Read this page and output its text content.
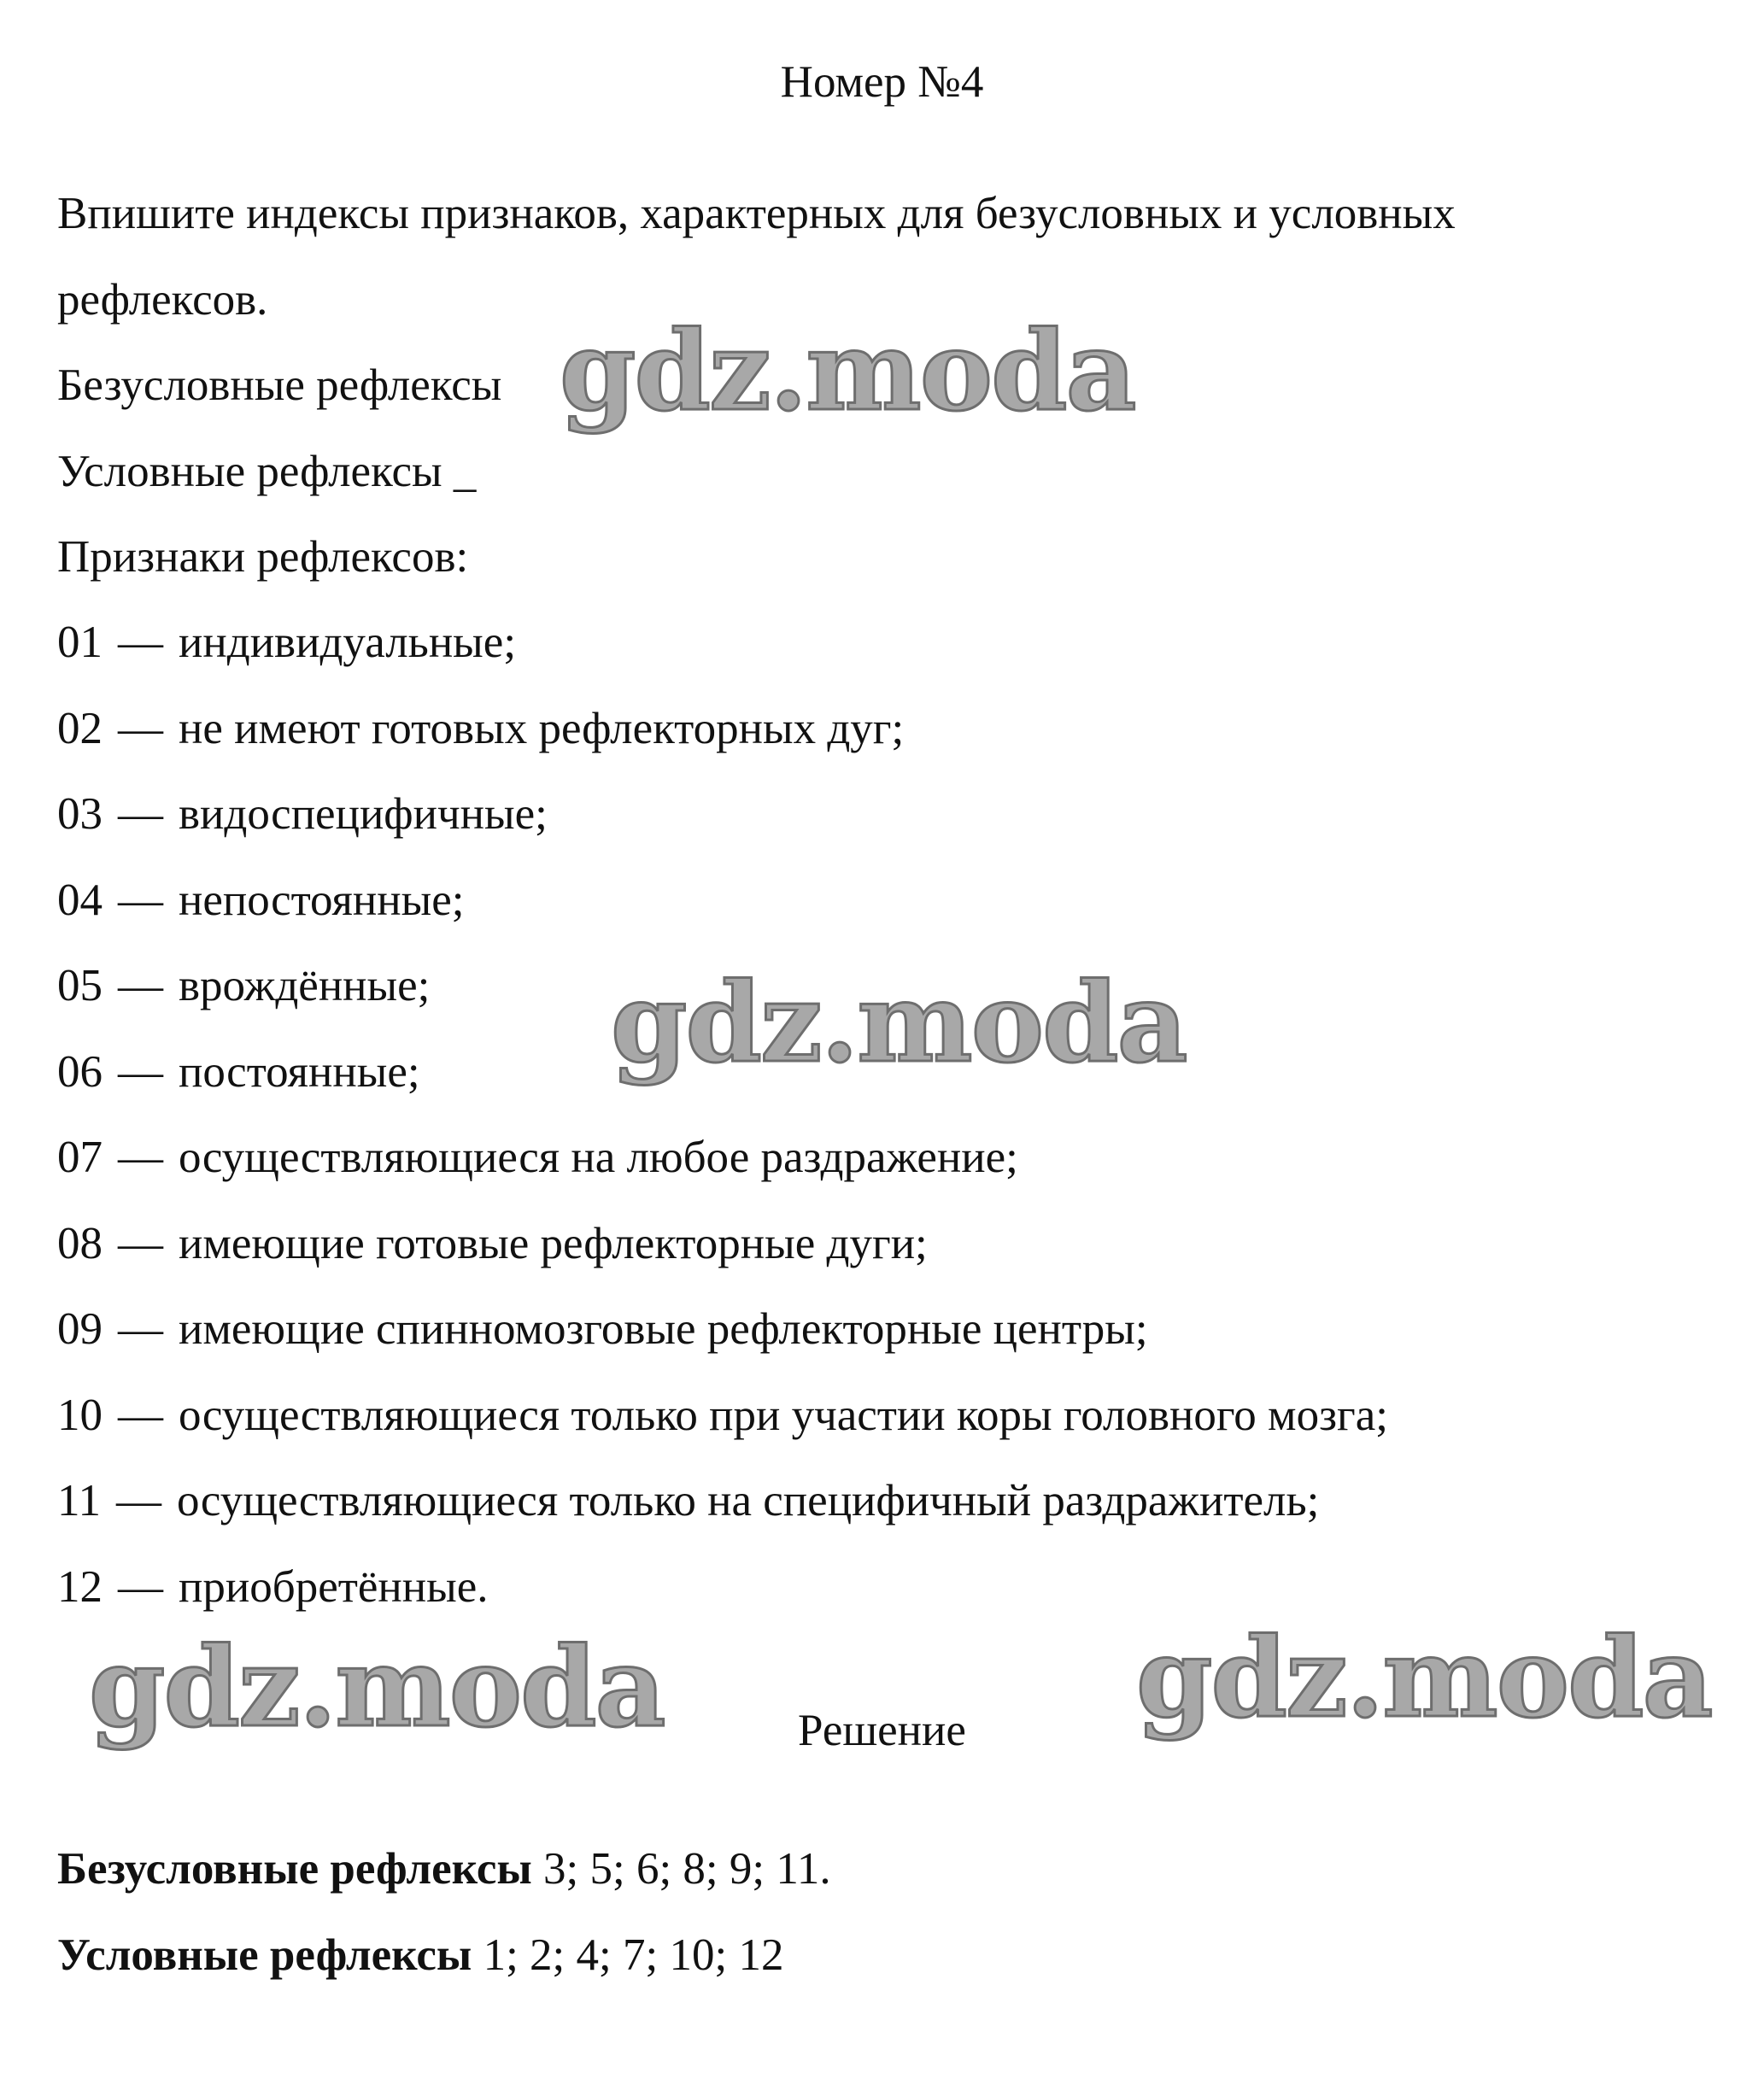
Номер №4
Впишите индексы признаков, характерных для безусловных и условных
рефлексов.
Безусловные рефлексы
Условные рефлексы _
Признаки рефлексов:
01 — индивидуальные;
02 — не имеют готовых рефлекторных дуг;
03 — видоспецифичные;
04 — непостоянные;
05 — врождённые;
06 — постоянные;
07 — осуществляющиеся на любое раздражение;
08 — имеющие готовые рефлекторные дуги;
09 — имеющие спинномозговые рефлекторные центры;
10 — осуществляющиеся только при участии коры головного мозга;
11 — осуществляющиеся только на специфичный раздражитель;
12 — приобретённые.
Решение
Безусловные рефлексы 3; 5; 6; 8; 9; 11.
Условные рефлексы 1; 2; 4; 7; 10; 12
gdz.moda
gdz.moda
gdz.moda	gdz.moda
